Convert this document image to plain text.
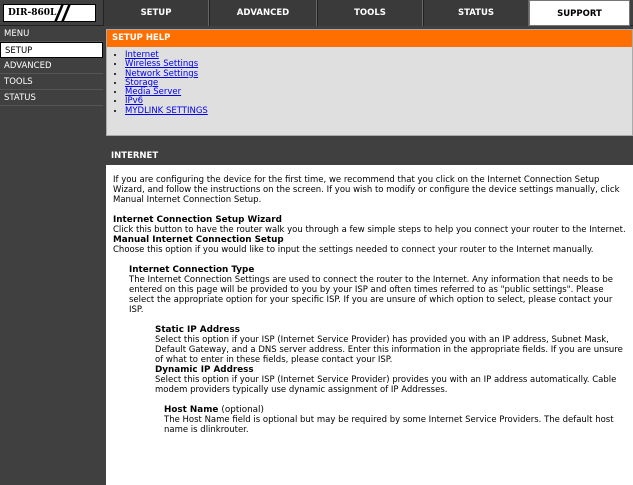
DIR-860L	SETUP	ADVANCED	TOOLS	STATUS	SUPPORT
MENU
SETUP
ADVANCED
TOOLS
STATUS
SETUP HELP
• Internet
• Wireless Settings
• Network Settings
• Storage
• Media Server
• IPv6
• MYDLINK SETTINGS
INTERNET

If you are configuring the device for the first time, we recommend that you click on the Internet Connection Setup Wizard, and follow the instructions on the screen. If you wish to modify or configure the device settings manually, click Manual Internet Connection Setup.

Internet Connection Setup Wizard

Click this button to have the router walk you through a few simple steps to help you connect your router to the Internet.

Manual Internet Connection Setup

Choose this option if you would like to input the settings needed to connect your router to the Internet manually.

Internet Connection Type

The Internet Connection Settings are used to connect the router to the Internet. Any information that needs to be entered on this page will be provided to you by your ISP and often times referred to as "public settings". Please select the appropriate option for your specific ISP. If you are unsure of which option to select, please contact your ISP.

Static IP Address

Select this option if your ISP (Internet Service Provider) has provided you with an IP address, Subnet Mask, Default Gateway, and a DNS server address. Enter this information in the appropriate fields. If you are unsure of what to enter in these fields, please contact your ISP.

Dynamic IP Address

Select this option if your ISP (Internet Service Provider) provides you with an IP address automatically. Cable modem providers typically use dynamic assignment of IP Addresses.

Host Name (optional)

The Host Name field is optional but may be required by some Internet Service Providers. The default host name is dlinkrouter.
